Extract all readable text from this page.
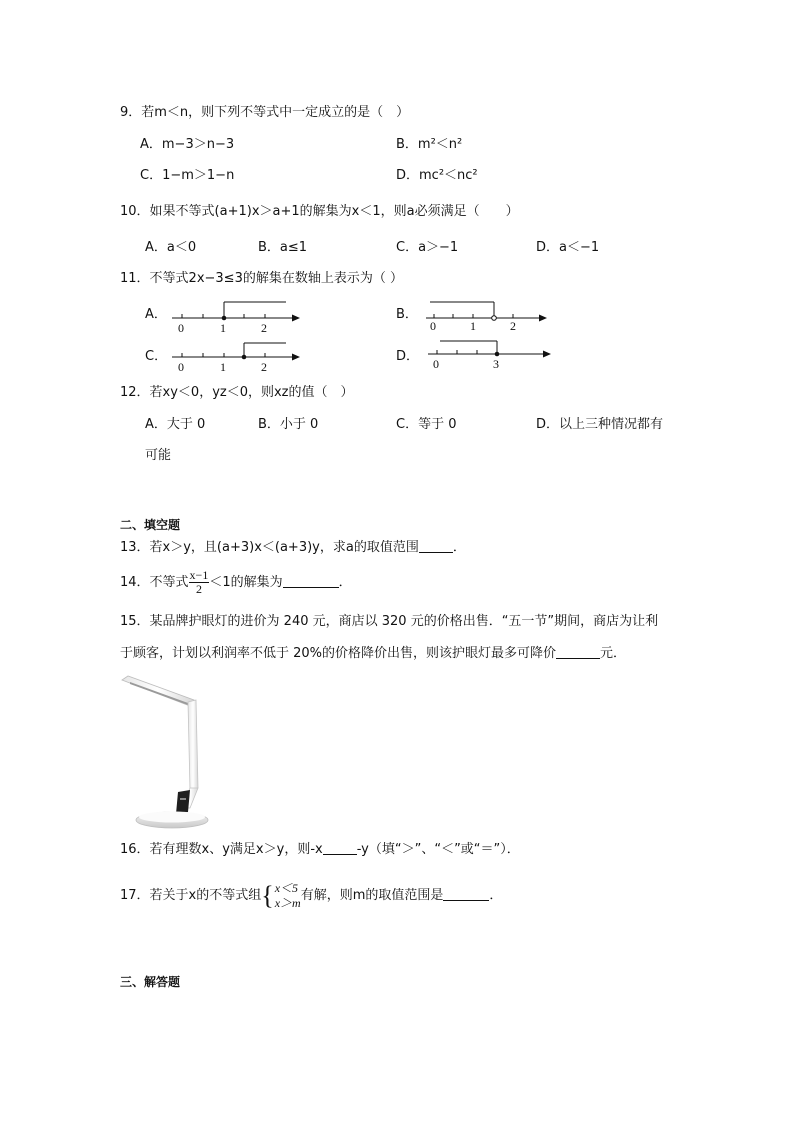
9．若m＜n，则下列不等式中一定成立的是（　）
A．m−3＞n−3	B．m²＜n²
C．1−m＞1−n	D．mc²＜nc²
10．如果不等式(a+1)x＞a+1的解集为x＜1，则a必须满足（　　）
A．a＜0	B．a≤1	C．a＞−1	D．a＜−1
11．不等式2x−3≤3的解集在数轴上表示为（ ）
A．
0	1	2
B．
0	1	2
C．
0	1	2
D． 0	3
12．若xy＜0，yz＜0，则xz的值（　）
A．大于 0	B．小于 0	C．等于 0	D．以上三种情况都有
可能
二、填空题
13．若x＞y，且(a+3)x＜(a+3)y，求a的取值范围	．
14．不等式 $\frac{x-1}{2} <1$的解集为	．
15．某品牌护眼灯的进价为 240 元，商店以 320 元的价格出售．“五一节”期间，商店为让利
于顾客，计划以利润率不低于 20%的价格降价出售，则该护眼灯最多可降价	元．
16．若有理数x、y满足x＞y，则-x	-y（填“＞”、“＜”或“＝”）．
17．若关于x的不等式组{ x＜5
x＞m 有解，则m的取值范围是	．
三、解答题
